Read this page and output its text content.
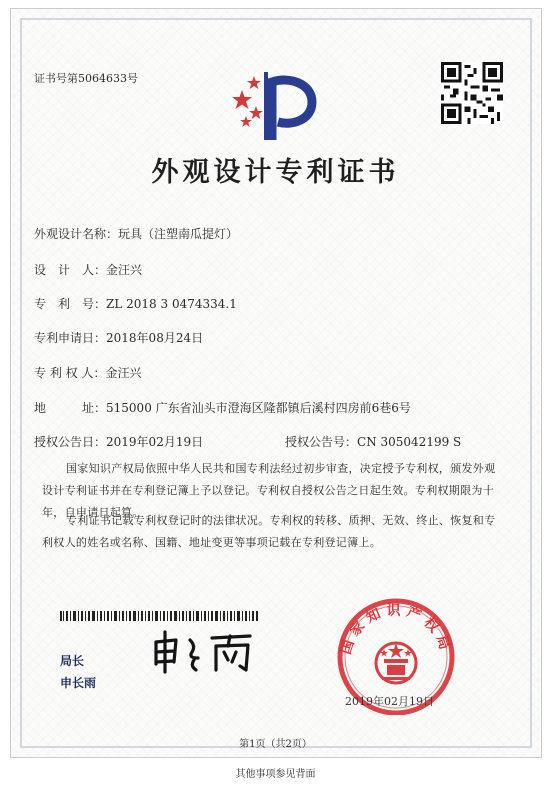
证书号第5064633号
外观设计专利证书
外观设计名称：玩具（注塑南瓜提灯）
设　计　人：金汪兴
专　利　号：ZL 2018 3 0474334.1
专利申请日：2018年08月24日
专 利 权 人：金汪兴
地　　　址：515000 广东省汕头市澄海区隆都镇后溪村四房前6巷6号
授权公告日：2019年02月19日	授权公告号：CN 305042199 S
国家知识产权局依照中华人民共和国专利法经过初步审查，决定授予专利权，颁发外观设计专利证书并在专利登记簿上予以登记。专利权自授权公告之日起生效。专利权期限为十年，自申请日起算。
专利证书记载专利权登记时的法律状况。专利权的转移、质押、无效、终止、恢复和专利权人的姓名或名称、国籍、地址变更等事项记载在专利登记簿上。
局长
申长雨
国家知识产权局
2019年02月19日
第1页（共2页）
其他事项参见背面
